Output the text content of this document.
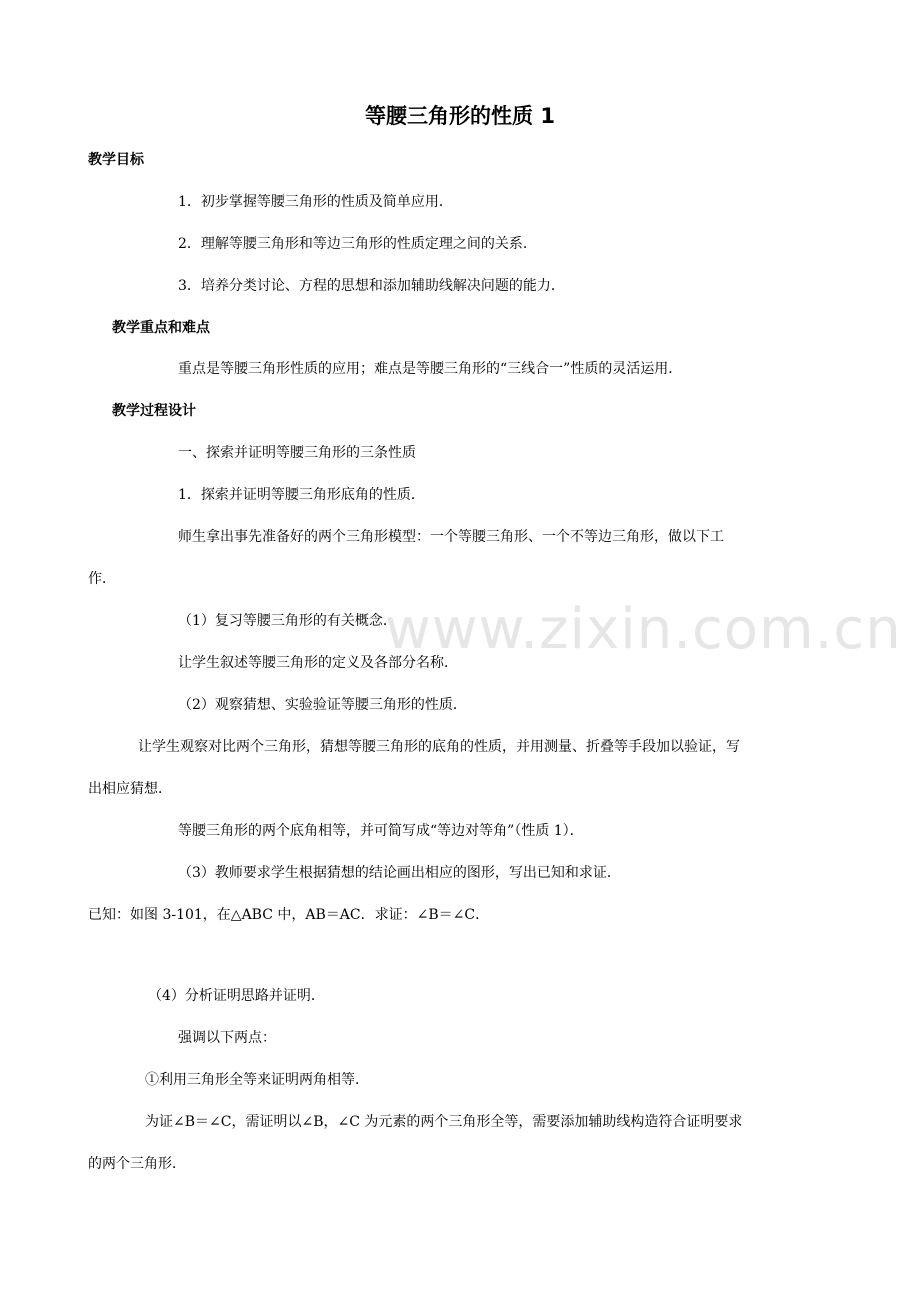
等腰三角形的性质 1
教学目标
1．初步掌握等腰三角形的性质及简单应用．
2．理解等腰三角形和等边三角形的性质定理之间的关系．
3．培养分类讨论、方程的思想和添加辅助线解决问题的能力．
教学重点和难点
重点是等腰三角形性质的应用；难点是等腰三角形的“三线合一”性质的灵活运用．
教学过程设计
一、探索并证明等腰三角形的三条性质
1．探索并证明等腰三角形底角的性质．
师生拿出事先准备好的两个三角形模型：一个等腰三角形、一个不等边三角形，做以下工
作．
（1）复习等腰三角形的有关概念．
让学生叙述等腰三角形的定义及各部分名称．
（2）观察猜想、实验验证等腰三角形的性质．
让学生观察对比两个三角形，猜想等腰三角形的底角的性质，并用测量、折叠等手段加以验证，写
出相应猜想．
等腰三角形的两个底角相等，并可简写成“等边对等角”（性质 1）．
（3）教师要求学生根据猜想的结论画出相应的图形，写出已知和求证．
已知：如图 3-101，在△ABC 中，AB＝AC．求证：∠B＝∠C．
（4）分析证明思路并证明．
强调以下两点：
①利用三角形全等来证明两角相等．
为证∠B＝∠C，需证明以∠B，∠C 为元素的两个三角形全等，需要添加辅助线构造符合证明要求
的两个三角形．
www.zixin.com.cn
